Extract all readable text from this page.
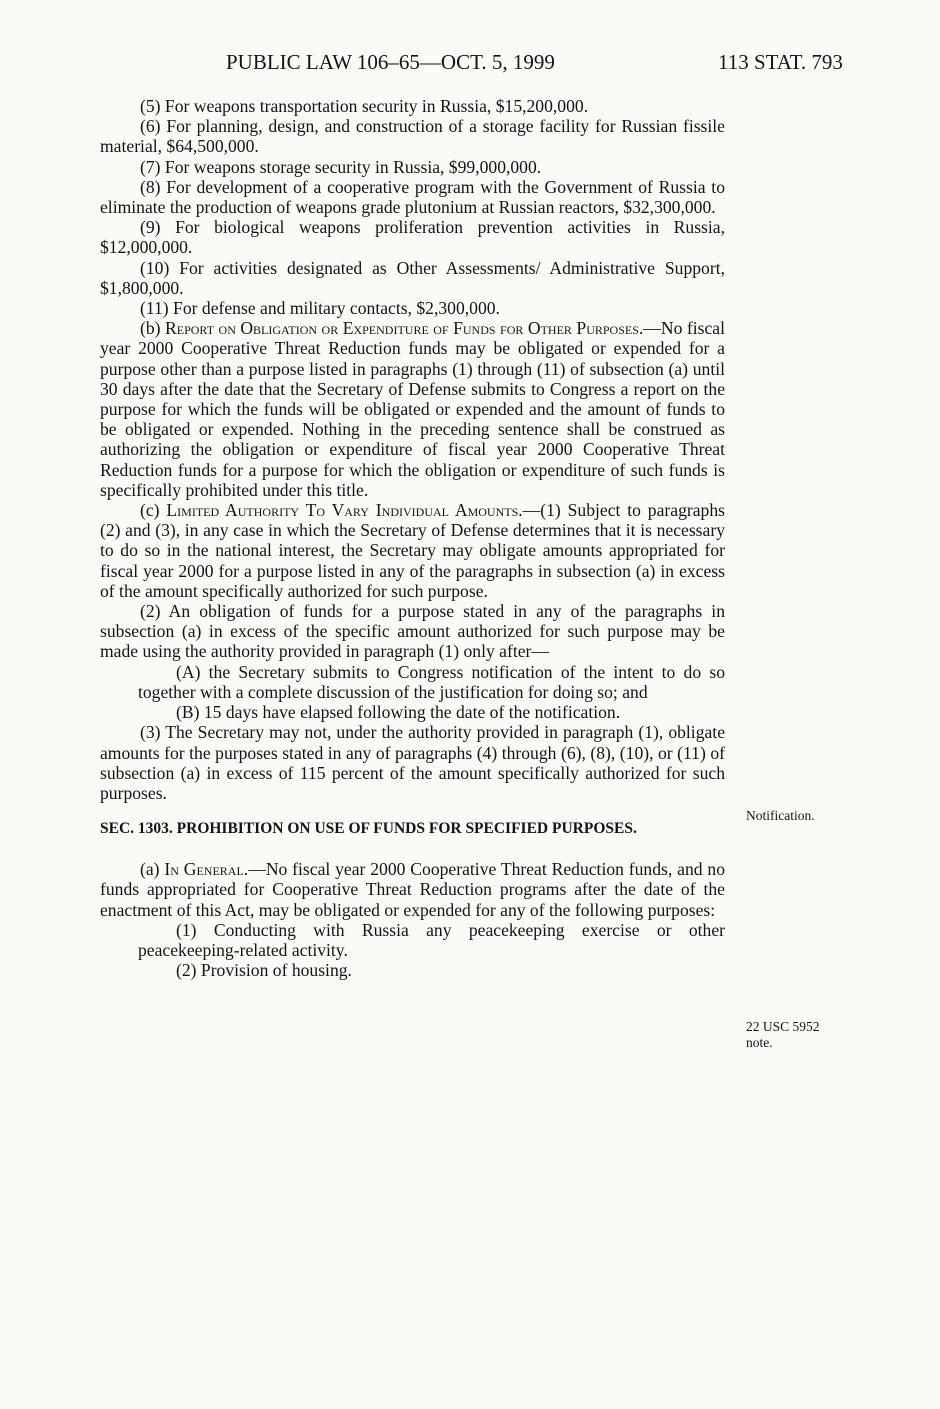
PUBLIC LAW 106–65—OCT. 5, 1999	113 STAT. 793

(5) For weapons transportation security in Russia, $15,200,000.

(6) For planning, design, and construction of a storage facility for Russian fissile material, $64,500,000.

(7) For weapons storage security in Russia, $99,000,000.

(8) For development of a cooperative program with the Government of Russia to eliminate the production of weapons grade plutonium at Russian reactors, $32,300,000.

(9) For biological weapons proliferation prevention activities in Russia, $12,000,000.

(10) For activities designated as Other Assessments/ Administrative Support, $1,800,000.

(11) For defense and military contacts, $2,300,000.

(b) Report on Obligation or Expenditure of Funds for Other Purposes.—No fiscal year 2000 Cooperative Threat Reduction funds may be obligated or expended for a purpose other than a purpose listed in paragraphs (1) through (11) of subsection (a) until 30 days after the date that the Secretary of Defense submits to Congress a report on the purpose for which the funds will be obligated or expended and the amount of funds to be obligated or expended. Nothing in the preceding sentence shall be construed as authorizing the obligation or expenditure of fiscal year 2000 Cooperative Threat Reduction funds for a purpose for which the obligation or expenditure of such funds is specifically prohibited under this title.

(c) Limited Authority To Vary Individual Amounts.—(1) Subject to paragraphs (2) and (3), in any case in which the Secretary of Defense determines that it is necessary to do so in the national interest, the Secretary may obligate amounts appropriated for fiscal year 2000 for a purpose listed in any of the paragraphs in subsection (a) in excess of the amount specifically authorized for such purpose.

(2) An obligation of funds for a purpose stated in any of the paragraphs in subsection (a) in excess of the specific amount authorized for such purpose may be made using the authority provided in paragraph (1) only after—

(A) the Secretary submits to Congress notification of the intent to do so together with a complete discussion of the justification for doing so; and

(B) 15 days have elapsed following the date of the notification.

(3) The Secretary may not, under the authority provided in paragraph (1), obligate amounts for the purposes stated in any of paragraphs (4) through (6), (8), (10), or (11) of subsection (a) in excess of 115 percent of the amount specifically authorized for such purposes.

SEC. 1303. PROHIBITION ON USE OF FUNDS FOR SPECIFIED PURPOSES.

(a) In General.—No fiscal year 2000 Cooperative Threat Reduction funds, and no funds appropriated for Cooperative Threat Reduction programs after the date of the enactment of this Act, may be obligated or expended for any of the following purposes:

(1) Conducting with Russia any peacekeeping exercise or other peacekeeping-related activity.

(2) Provision of housing.

Notification.
22 USC 5952
note.
